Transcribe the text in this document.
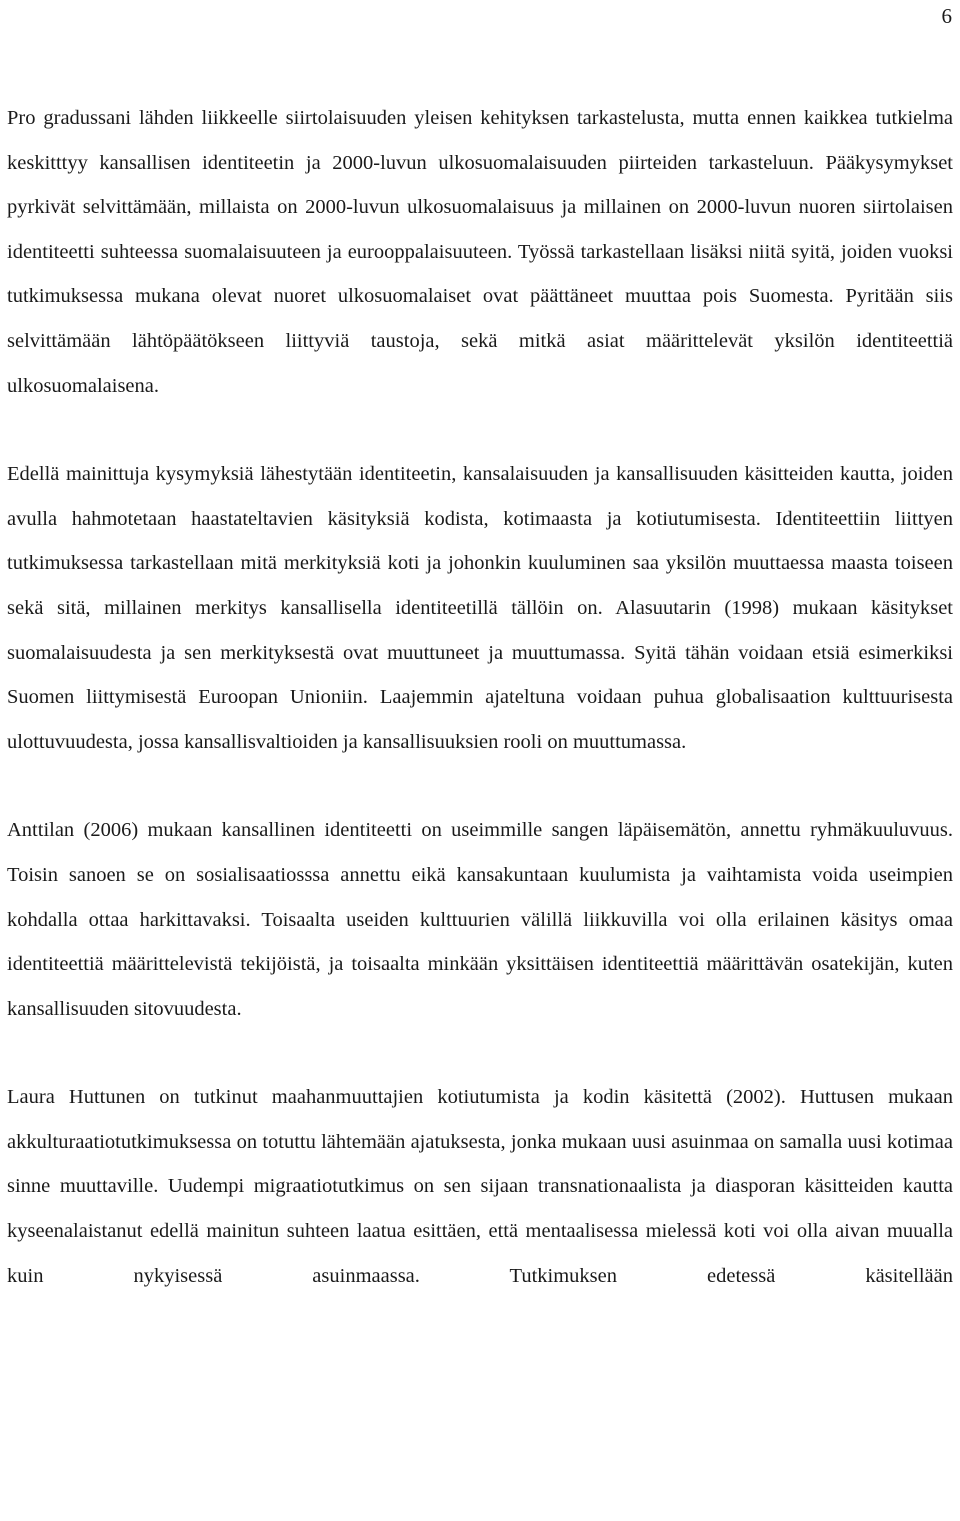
6

Pro gradussani lähden liikkeelle siirtolaisuuden yleisen kehityksen tarkastelusta, mutta ennen kaikkea tutkielma keskitttyy kansallisen identiteetin ja 2000-luvun ulkosuomalaisuuden piirteiden tarkasteluun. Pääkysymykset pyrkivät selvittämään, millaista on 2000-luvun ulkosuomalaisuus ja millainen on 2000-luvun nuoren siirtolaisen identiteetti suhteessa suomalaisuuteen ja eurooppalaisuuteen. Työssä tarkastellaan lisäksi niitä syitä, joiden vuoksi tutkimuksessa mukana olevat nuoret ulkosuomalaiset ovat päättäneet muuttaa pois Suomesta. Pyritään siis selvittämään lähtöpäätökseen liittyviä taustoja, sekä mitkä asiat määrittelevät yksilön identiteettiä ulkosuomalaisena.

Edellä mainittuja kysymyksiä lähestytään identiteetin, kansalaisuuden ja kansallisuuden käsitteiden kautta, joiden avulla hahmotetaan haastateltavien käsityksiä kodista, kotimaasta ja kotiutumisesta. Identiteettiin liittyen tutkimuksessa tarkastellaan mitä merkityksiä koti ja johonkin kuuluminen saa yksilön muuttaessa maasta toiseen sekä sitä, millainen merkitys kansallisella identiteetillä tällöin on. Alasuutarin (1998) mukaan käsitykset suomalaisuudesta ja sen merkityksestä ovat muuttuneet ja muuttumassa. Syitä tähän voidaan etsiä esimerkiksi Suomen liittymisestä Euroopan Unioniin. Laajemmin ajateltuna voidaan puhua globalisaation kulttuurisesta ulottuvuudesta, jossa kansallisvaltioiden ja kansallisuuksien rooli on muuttumassa.

Anttilan (2006) mukaan kansallinen identiteetti on useimmille sangen läpäisemätön, annettu ryhmäkuuluvuus. Toisin sanoen se on sosialisaatiosssa annettu eikä kansakuntaan kuulumista ja vaihtamista voida useimpien kohdalla ottaa harkittavaksi. Toisaalta useiden kulttuurien välillä liikkuvilla voi olla erilainen käsitys omaa identiteettiä määrittelevistä tekijöistä, ja toisaalta minkään yksittäisen identiteettiä määrittävän osatekijän, kuten kansallisuuden sitovuudesta.

Laura Huttunen on tutkinut maahanmuuttajien kotiutumista ja kodin käsitettä (2002). Huttusen mukaan akkulturaatiotutkimuksessa on totuttu lähtemään ajatuksesta, jonka mukaan uusi asuinmaa on samalla uusi kotimaa sinne muuttaville. Uudempi migraatiotutkimus on sen sijaan transnationaalista ja diasporan käsitteiden kautta kyseenalaistanut edellä mainitun suhteen laatua esittäen, että mentaalisessa mielessä koti voi olla aivan muualla kuin nykyisessä asuinmaassa. Tutkimuksen edetessä käsitellään
